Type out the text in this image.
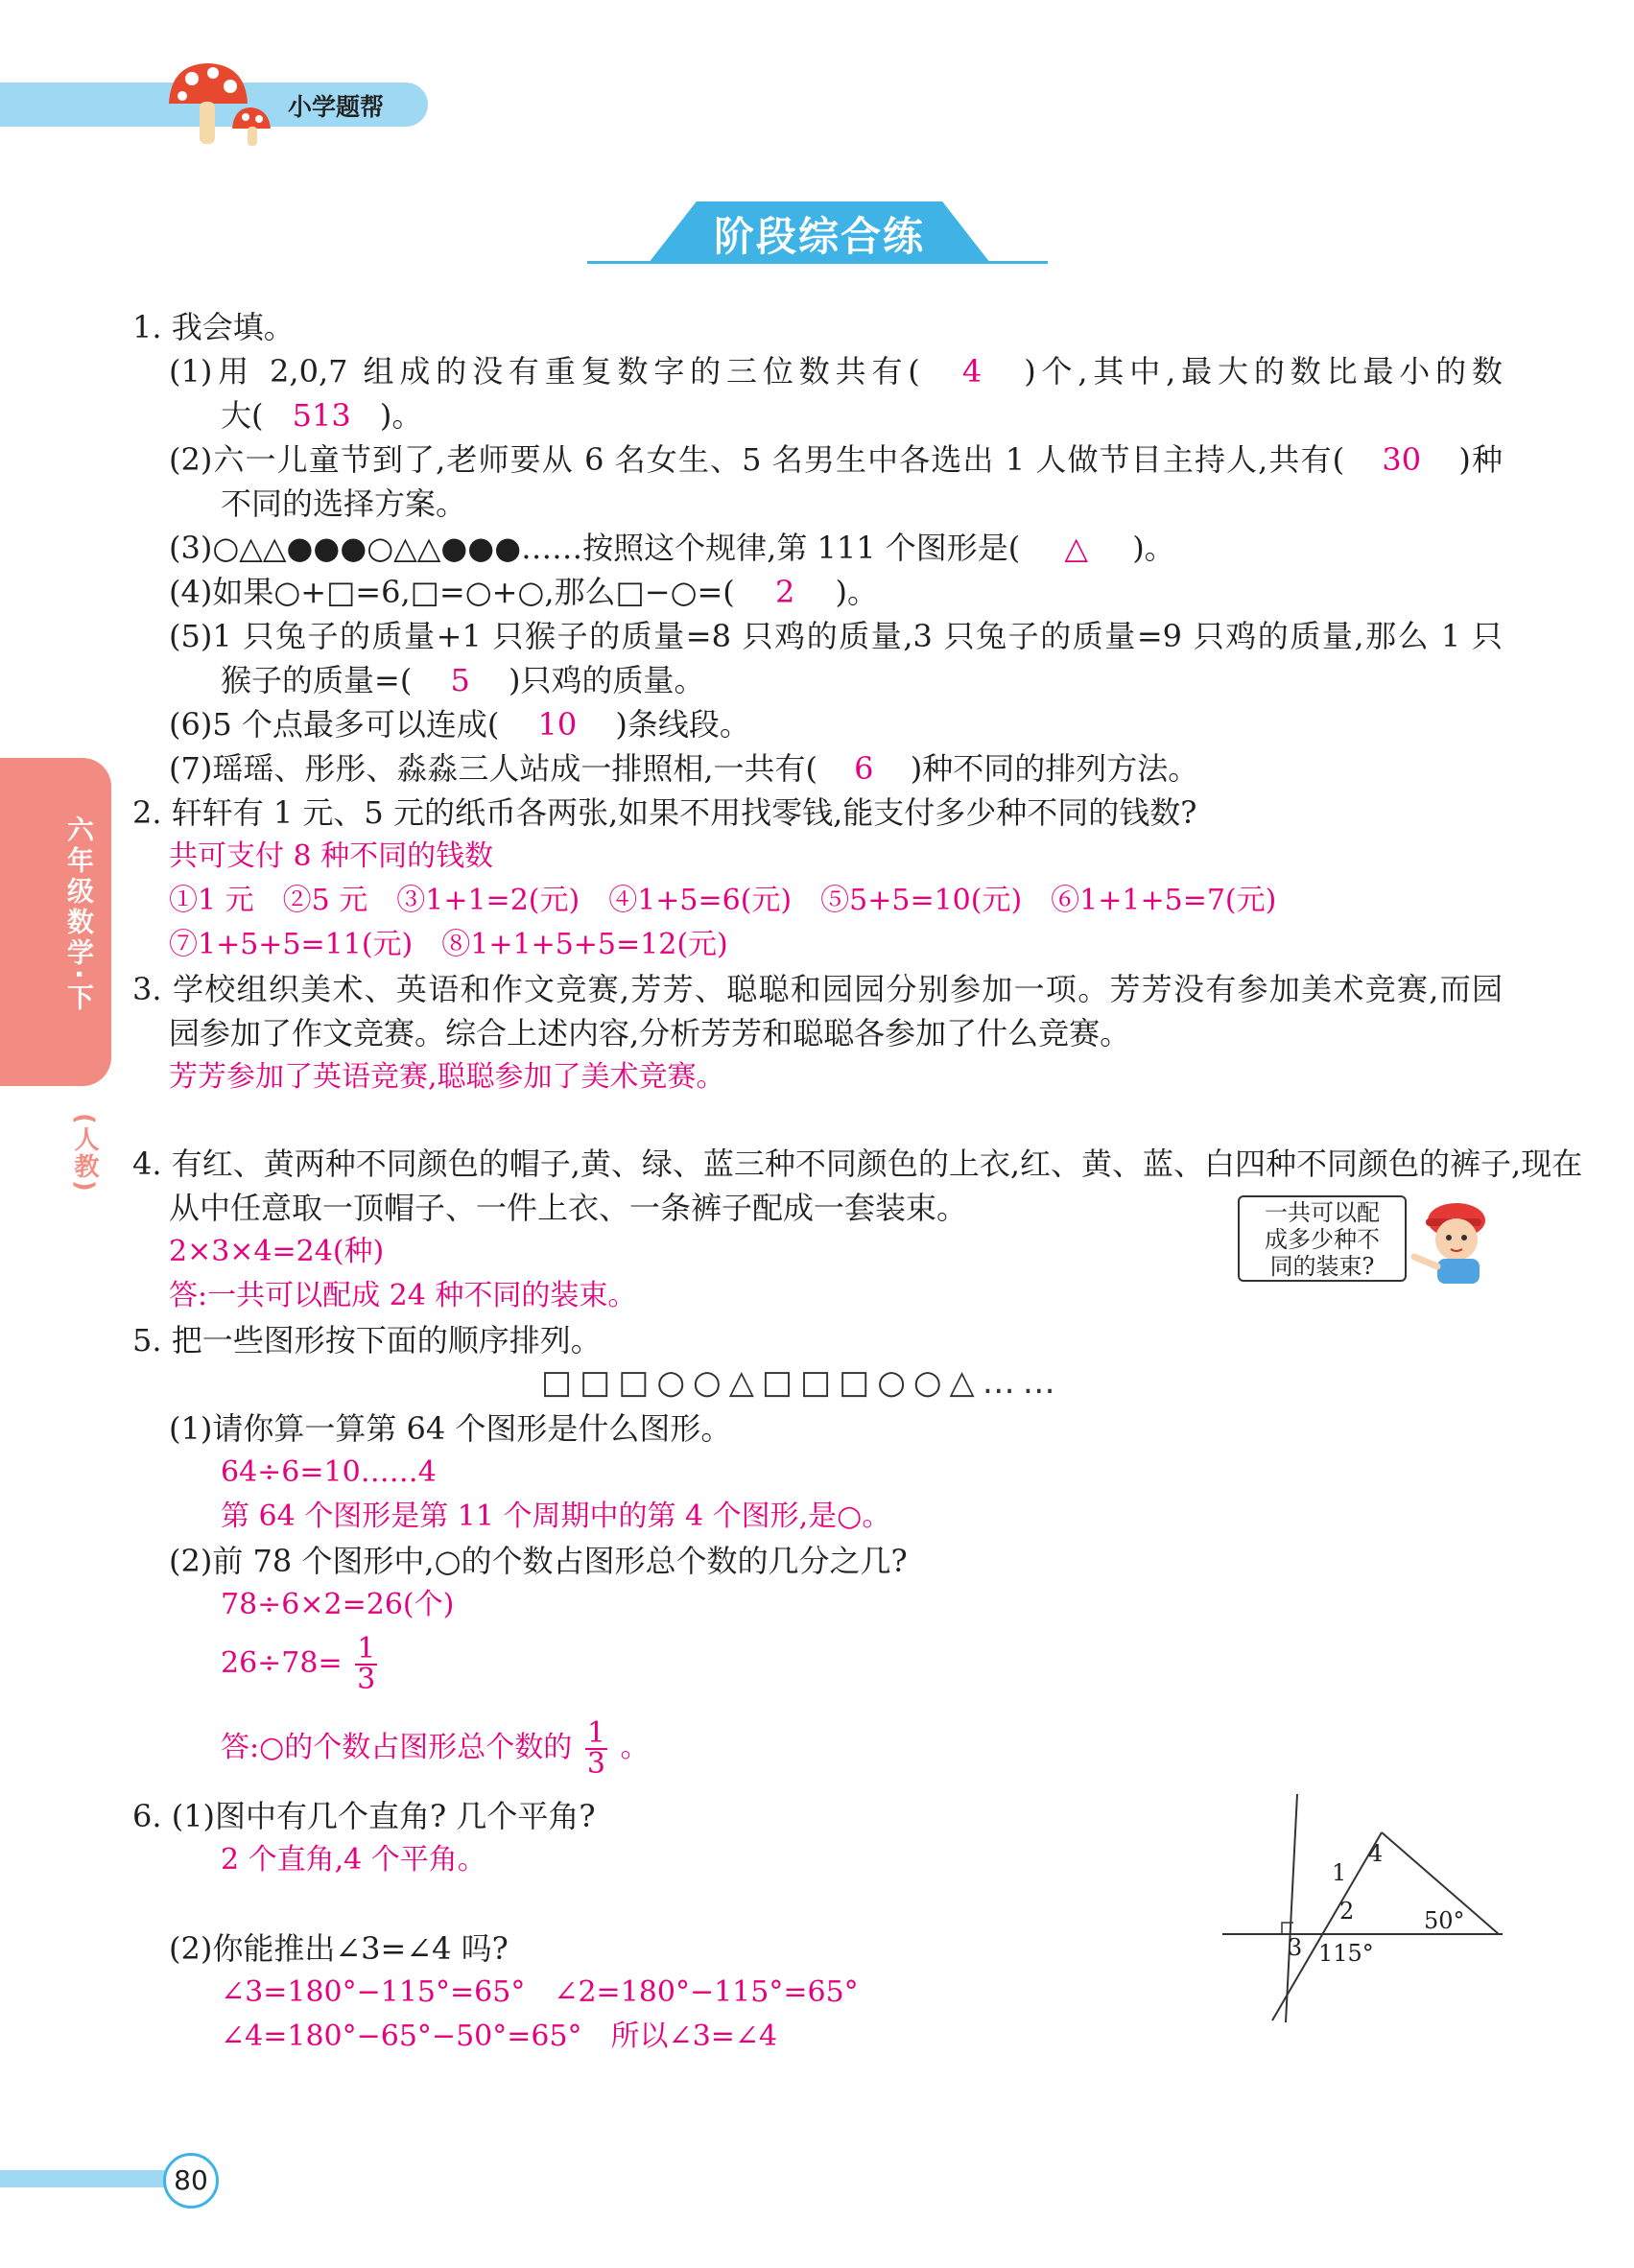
小学题帮
阶段综合练
六年级数学·下
(人教)
1. 我会填。
(1)用 2,0,7 组成的没有重复数字的三位数共有( 4 )个,其中,最大的数比最小的数
大( 513 )。
(2)六一儿童节到了,老师要从 6 名女生、5 名男生中各选出 1 人做节目主持人,共有( 30 )种
不同的选择方案。
(3)○△△●●●○△△●●●……按照这个规律,第 111 个图形是( △ )。
(4)如果○+□=6,□=○+○,那么□−○=( 2 )。
(5)1 只兔子的质量+1 只猴子的质量=8 只鸡的质量,3 只兔子的质量=9 只鸡的质量,那么 1 只
猴子的质量=( 5 )只鸡的质量。
(6)5 个点最多可以连成( 10 )条线段。
(7)瑶瑶、彤彤、淼淼三人站成一排照相,一共有( 6 )种不同的排列方法。
2. 轩轩有 1 元、5 元的纸币各两张,如果不用找零钱,能支付多少种不同的钱数?
共可支付 8 种不同的钱数
①1 元　②5 元　③1+1=2(元)　④1+5=6(元)　⑤5+5=10(元)　⑥1+1+5=7(元)
⑦1+5+5=11(元)　⑧1+1+5+5=12(元)
3. 学校组织美术、英语和作文竞赛,芳芳、聪聪和园园分别参加一项。芳芳没有参加美术竞赛,而园
园参加了作文竞赛。综合上述内容,分析芳芳和聪聪各参加了什么竞赛。
芳芳参加了英语竞赛,聪聪参加了美术竞赛。
4. 有红、黄两种不同颜色的帽子,黄、绿、蓝三种不同颜色的上衣,红、黄、蓝、白四种不同颜色的裤子,现在
从中任意取一顶帽子、一件上衣、一条裤子配成一套装束。
2×3×4=24(种)
答:一共可以配成 24 种不同的装束。
一共可以配
成多少种不
同的装束?
5. 把一些图形按下面的顺序排列。
□□□○○△□□□○○△……
(1)请你算一算第 64 个图形是什么图形。
64÷6=10……4
第 64 个图形是第 11 个周期中的第 4 个图形,是○。
(2)前 78 个图形中,○的个数占图形总个数的几分之几?
78÷6×2=26(个)
$26\div 78= \frac{1}{3}$
答:○的个数占图形总个数的 $\frac{1}{3}$ 。
6. (1)图中有几个直角? 几个平角?
2 个直角,4 个平角。
(2)你能推出∠3=∠4 吗?
∠3=180°−115°=65°　∠2=180°−115°=65°
∠4=180°−65°−50°=65°　所以∠3=∠4
1
2
3
4
50°
115°
80
